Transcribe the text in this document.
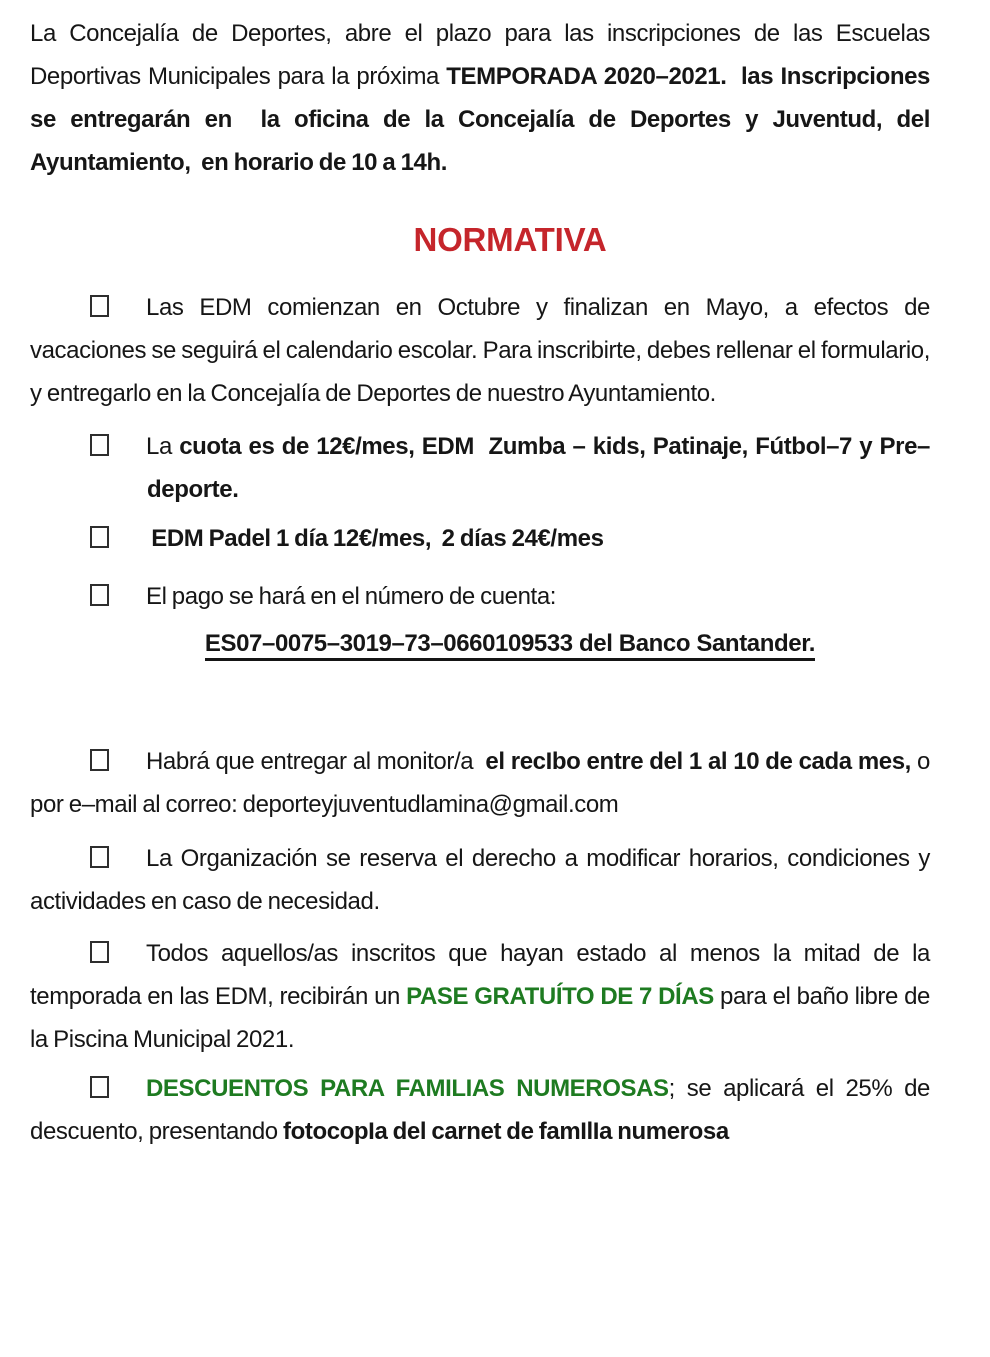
La Concejalía de Deportes, abre el plazo para las inscripciones de las Escuelas Deportivas Municipales para la próxima TEMPORADA 2020–2021.  las Inscripciones se entregarán en  la oficina de la Concejalía de Deportes y Juventud, del Ayuntamiento,  en horario de 10 a 14h.

NORMATIVA

Las EDM comienzan en Octubre y finalizan en Mayo, a efectos de vacaciones se seguirá el calendario escolar. Para inscribirte, debes rellenar el formulario, y entregarlo en la Concejalía de Deportes de nuestro Ayuntamiento.

La cuota es de 12€/mes, EDM  Zumba – kids, Patinaje, Fútbol–7 y Pre–deporte.

EDM Padel 1 día 12€/mes,  2 días 24€/mes

El pago se hará en el número de cuenta:

ES07–0075–3019–73–0660109533 del Banco Santander.

Habrá que entregar al monitor/a  el recIbo entre del 1 al 10 de cada mes, o por e–mail al correo: deporteyjuventudlamina@gmail.com

La Organización se reserva el derecho a modificar horarios, condiciones y actividades en caso de necesidad.

Todos aquellos/as inscritos que hayan estado al menos la mitad de la temporada en las EDM, recibirán un PASE GRATUÍTO DE 7 DÍAS para el baño libre de la Piscina Municipal 2021.

DESCUENTOS PARA FAMILIAS NUMEROSAS; se aplicará el 25% de descuento, presentando fotocopIa del carnet de famIlIa numerosa
